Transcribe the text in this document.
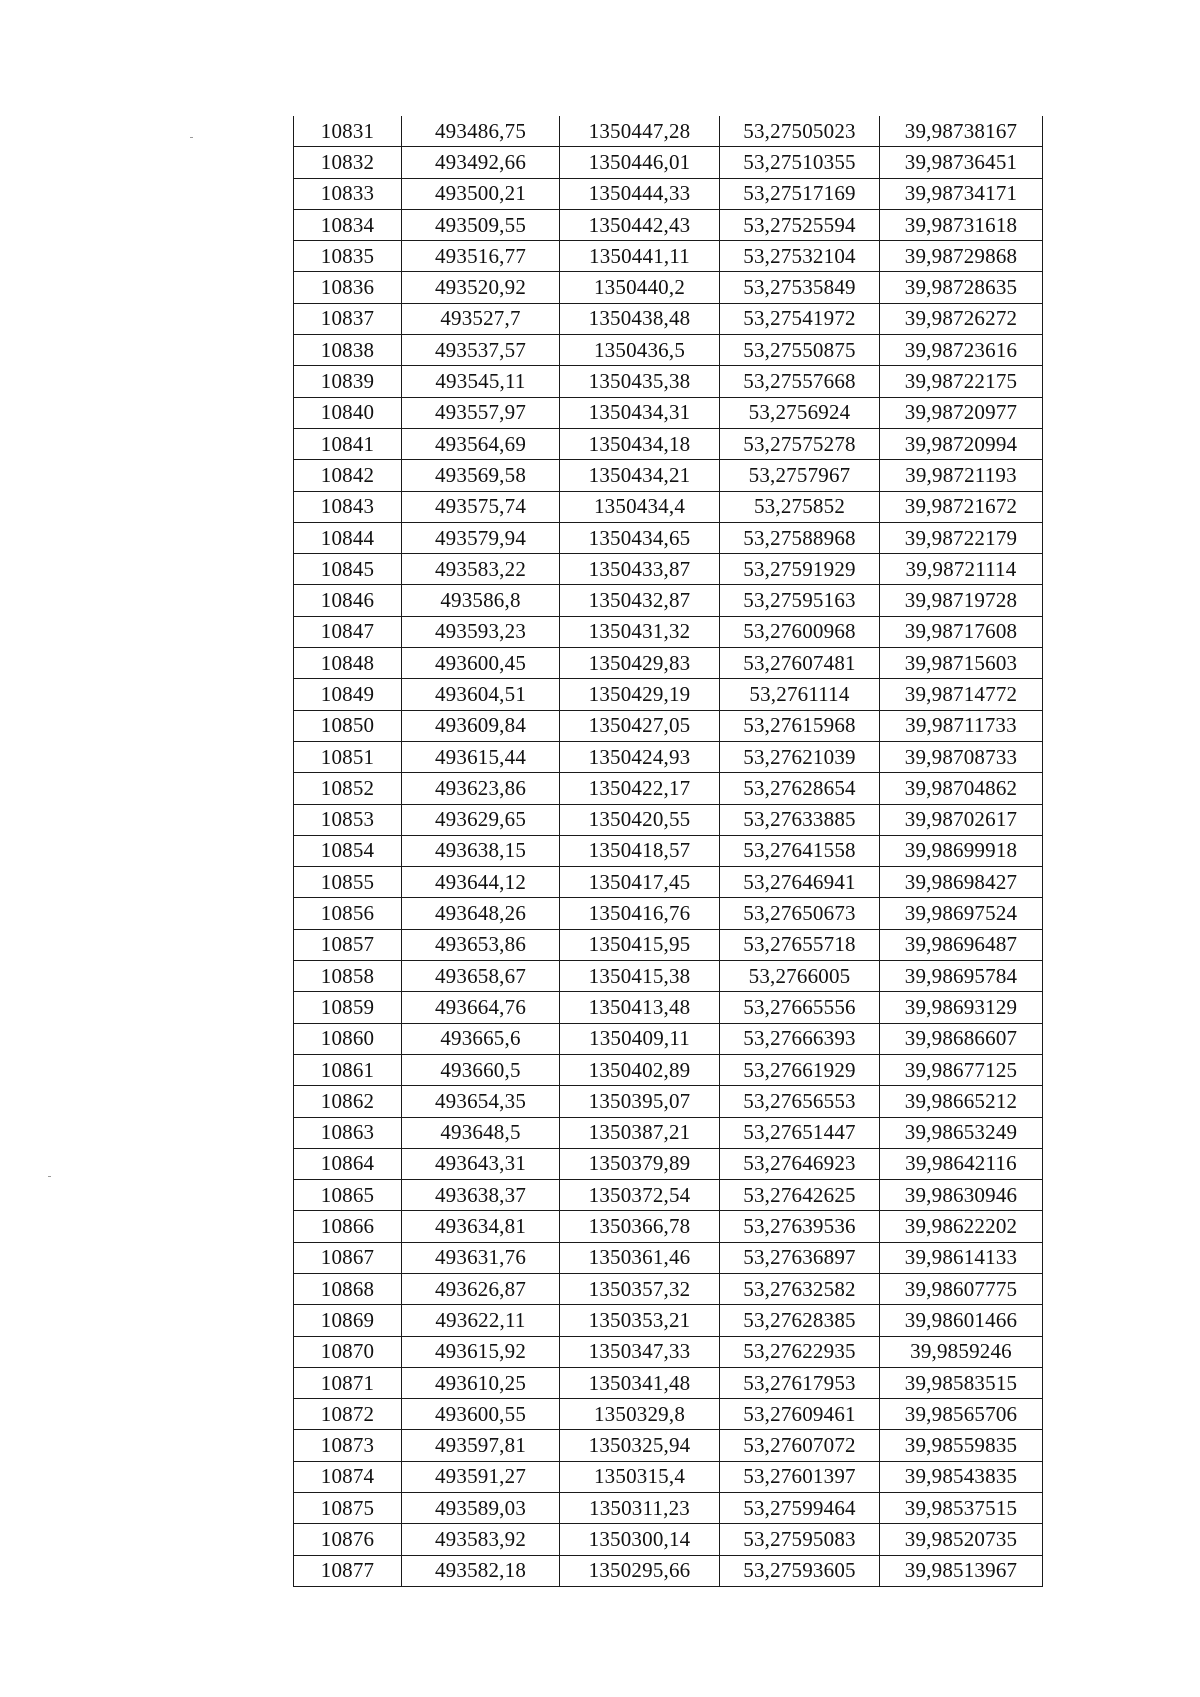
10831	493486,75	1350447,28	53,27505023	39,98738167
10832	493492,66	1350446,01	53,27510355	39,98736451
10833	493500,21	1350444,33	53,27517169	39,98734171
10834	493509,55	1350442,43	53,27525594	39,98731618
10835	493516,77	1350441,11	53,27532104	39,98729868
10836	493520,92	1350440,2	53,27535849	39,98728635
10837	493527,7	1350438,48	53,27541972	39,98726272
10838	493537,57	1350436,5	53,27550875	39,98723616
10839	493545,11	1350435,38	53,27557668	39,98722175
10840	493557,97	1350434,31	53,2756924	39,98720977
10841	493564,69	1350434,18	53,27575278	39,98720994
10842	493569,58	1350434,21	53,2757967	39,98721193
10843	493575,74	1350434,4	53,275852	39,98721672
10844	493579,94	1350434,65	53,27588968	39,98722179
10845	493583,22	1350433,87	53,27591929	39,98721114
10846	493586,8	1350432,87	53,27595163	39,98719728
10847	493593,23	1350431,32	53,27600968	39,98717608
10848	493600,45	1350429,83	53,27607481	39,98715603
10849	493604,51	1350429,19	53,2761114	39,98714772
10850	493609,84	1350427,05	53,27615968	39,98711733
10851	493615,44	1350424,93	53,27621039	39,98708733
10852	493623,86	1350422,17	53,27628654	39,98704862
10853	493629,65	1350420,55	53,27633885	39,98702617
10854	493638,15	1350418,57	53,27641558	39,98699918
10855	493644,12	1350417,45	53,27646941	39,98698427
10856	493648,26	1350416,76	53,27650673	39,98697524
10857	493653,86	1350415,95	53,27655718	39,98696487
10858	493658,67	1350415,38	53,2766005	39,98695784
10859	493664,76	1350413,48	53,27665556	39,98693129
10860	493665,6	1350409,11	53,27666393	39,98686607
10861	493660,5	1350402,89	53,27661929	39,98677125
10862	493654,35	1350395,07	53,27656553	39,98665212
10863	493648,5	1350387,21	53,27651447	39,98653249
10864	493643,31	1350379,89	53,27646923	39,98642116
10865	493638,37	1350372,54	53,27642625	39,98630946
10866	493634,81	1350366,78	53,27639536	39,98622202
10867	493631,76	1350361,46	53,27636897	39,98614133
10868	493626,87	1350357,32	53,27632582	39,98607775
10869	493622,11	1350353,21	53,27628385	39,98601466
10870	493615,92	1350347,33	53,27622935	39,9859246
10871	493610,25	1350341,48	53,27617953	39,98583515
10872	493600,55	1350329,8	53,27609461	39,98565706
10873	493597,81	1350325,94	53,27607072	39,98559835
10874	493591,27	1350315,4	53,27601397	39,98543835
10875	493589,03	1350311,23	53,27599464	39,98537515
10876	493583,92	1350300,14	53,27595083	39,98520735
10877	493582,18	1350295,66	53,27593605	39,98513967
